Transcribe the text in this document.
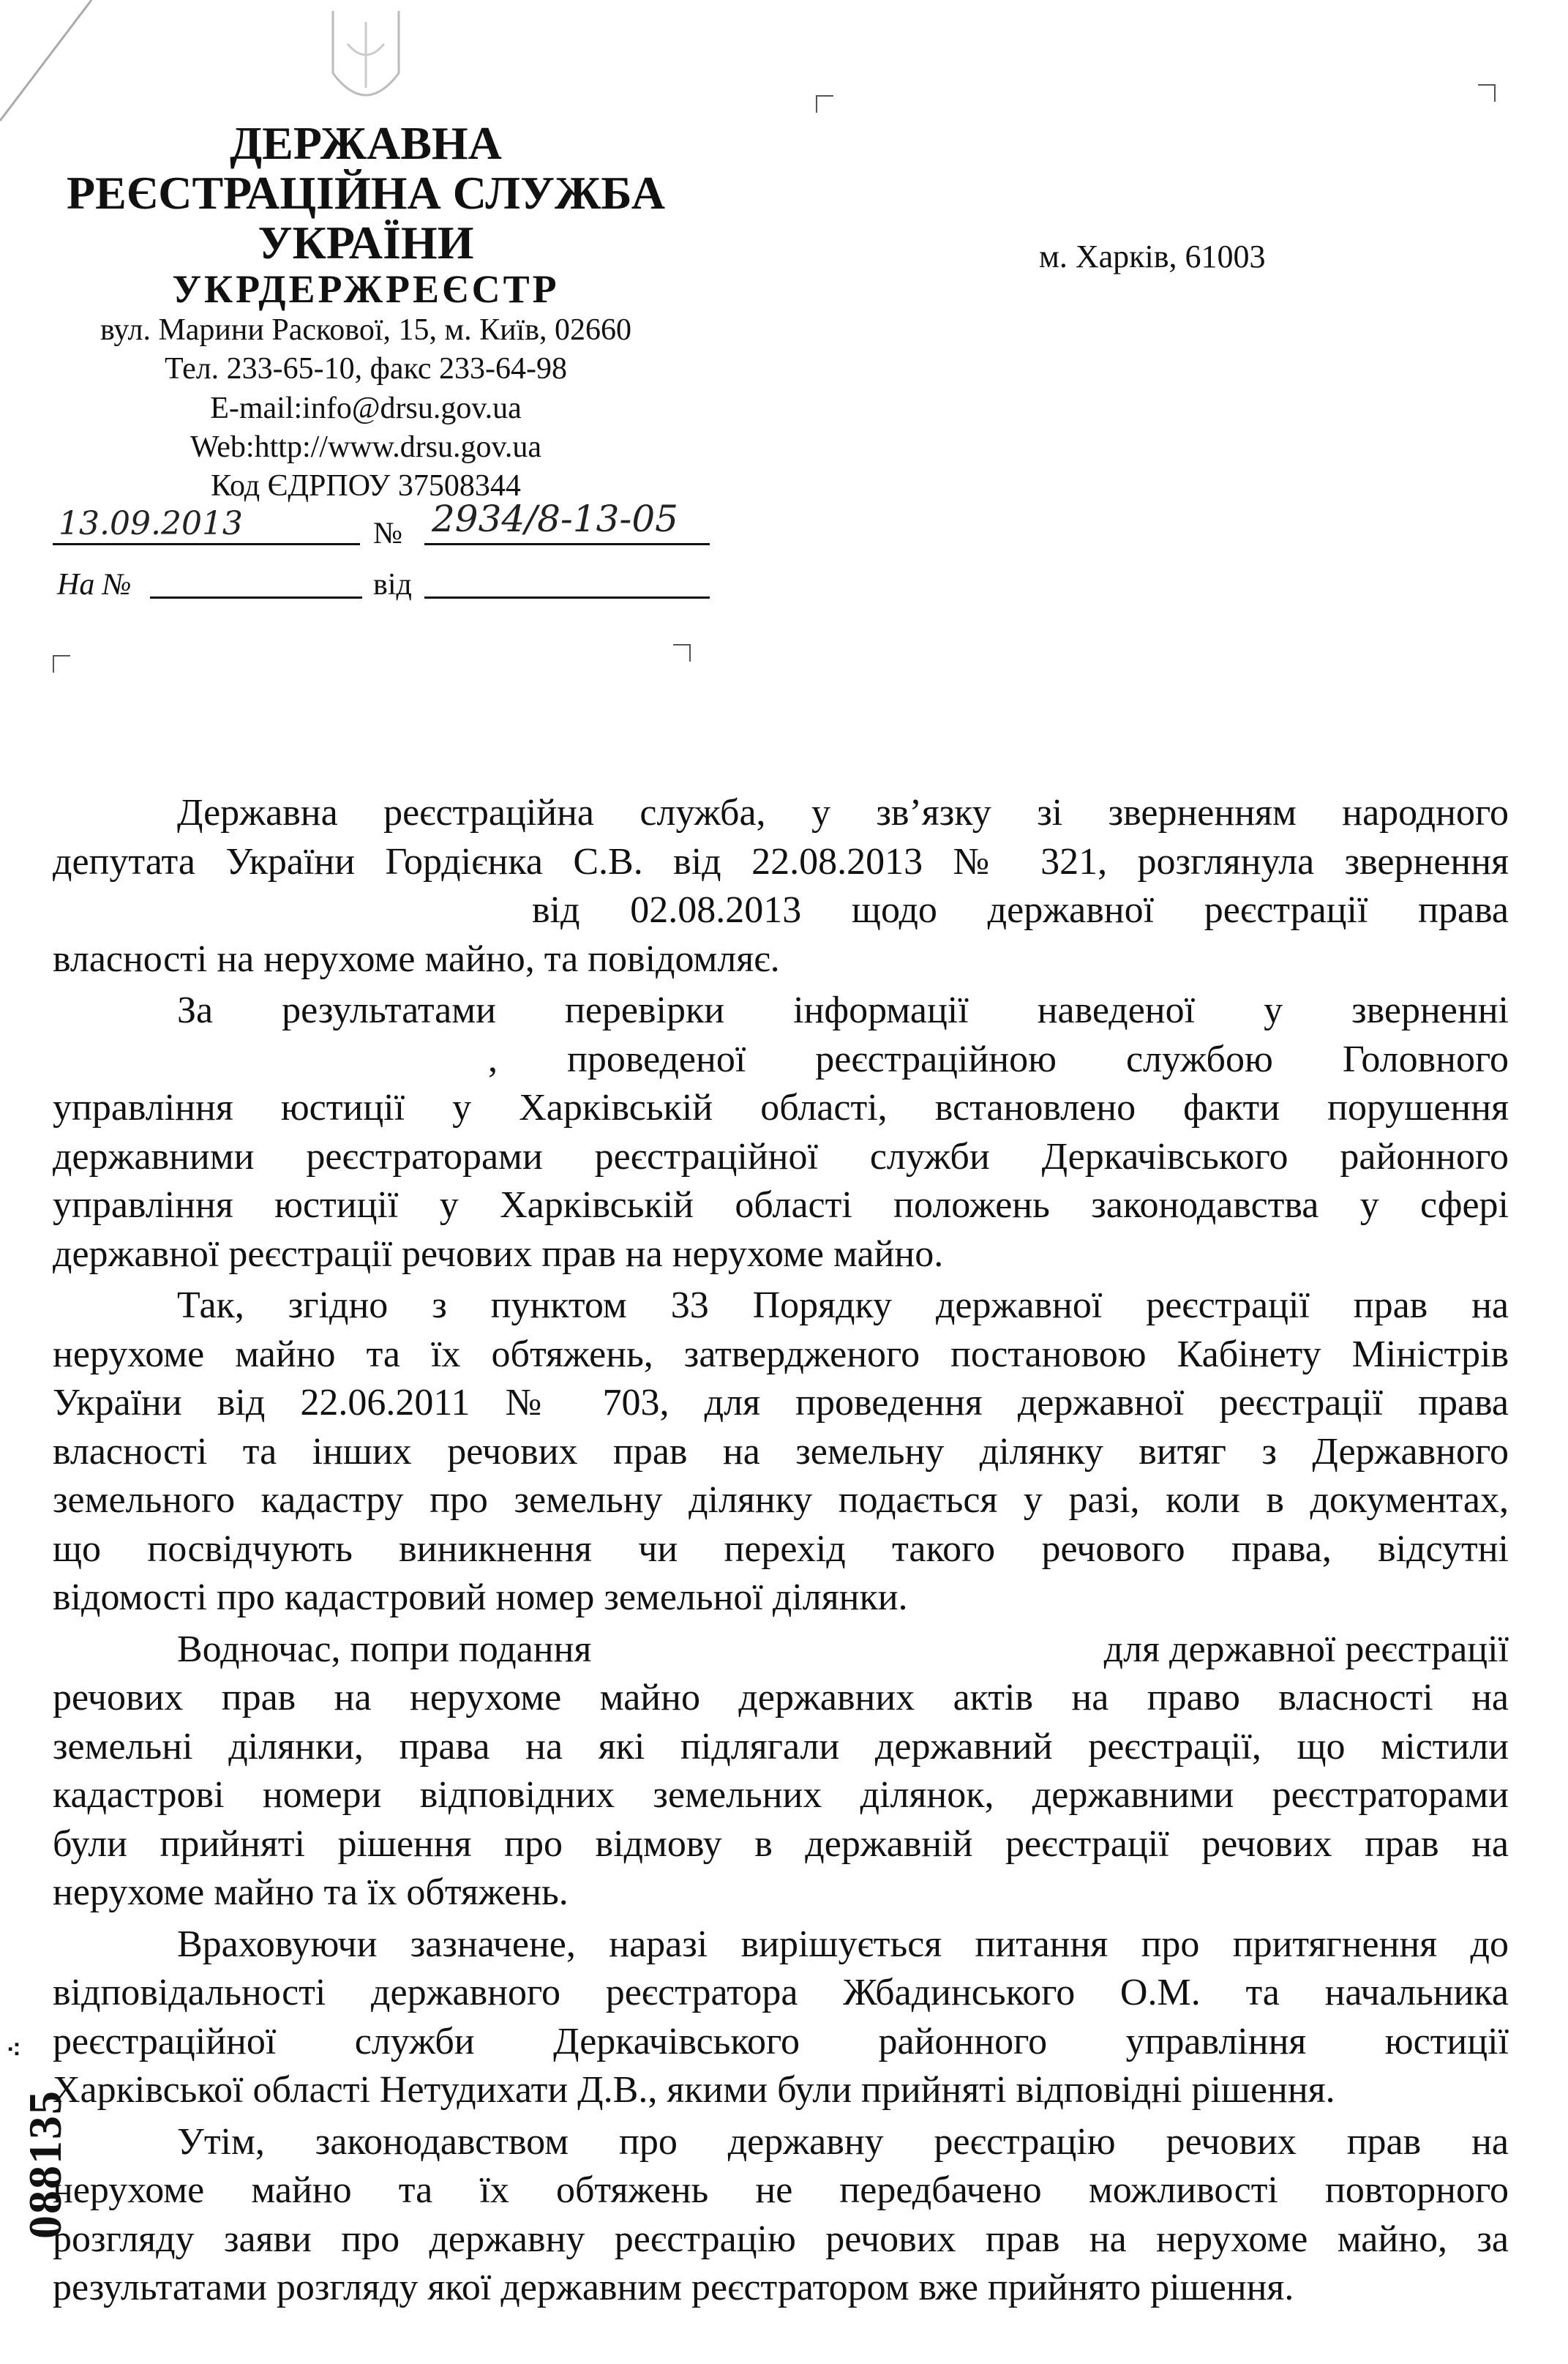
ДЕРЖАВНА
РЕЄСТРАЦІЙНА СЛУЖБА
УКРАЇНИ
УКРДЕРЖРЕЄСТР
вул. Марини Раскової, 15, м. Київ, 02660
Тел. 233-65-10, факс 233-64-98
E-mail:info@drsu.gov.ua
Web:http://www.drsu.gov.ua
Код ЄДРПОУ 37508344
13.09.2013	№ 2934/8-13-05
На №	від
м. Харків, 61003
Державна реєстраційна служба, у зв’язку зі зверненням народного
депутата України Гордієнка С.В. від 22.08.2013 № 321, розглянула звернення
від 02.08.2013 щодо державної реєстрації права
власності на нерухоме майно, та повідомляє.
За результатами перевірки інформації наведеної у зверненні
, проведеної реєстраційною службою Головного
управління юстиції у Харківській області, встановлено факти порушення
державними реєстраторами реєстраційної служби Деркачівського районного
управління юстиції у Харківській області положень законодавства у сфері
державної реєстрації речових прав на нерухоме майно.
Так, згідно з пунктом 33 Порядку державної реєстрації прав на
нерухоме майно та їх обтяжень, затвердженого постановою Кабінету Міністрів
України від 22.06.2011 № 703, для проведення державної реєстрації права
власності та інших речових прав на земельну ділянку витяг з Державного
земельного кадастру про земельну ділянку подається у разі, коли в документах,
що посвідчують виникнення чи перехід такого речового права, відсутні
відомості про кадастровий номер земельної ділянки.
Водночас, попри подання	для державної реєстрації
речових прав на нерухоме майно державних актів на право власності на
земельні ділянки, права на які підлягали державний реєстрації, що містили
кадастрові номери відповідних земельних ділянок, державними реєстраторами
були прийняті рішення про відмову в державній реєстрації речових прав на
нерухоме майно та їх обтяжень.
Враховуючи зазначене, наразі вирішується питання про притягнення до
відповідальності державного реєстратора Жбадинського О.М. та начальника
реєстраційної служби Деркачівського районного управління юстиції
Харківської області Нетудихати Д.В., якими були прийняті відповідні рішення.
Утім, законодавством про державну реєстрацію речових прав на
нерухоме майно та їх обтяжень не передбачено можливості повторного
розгляду заяви про державну реєстрацію речових прав на нерухоме майно, за
результатами розгляду якої державним реєстратором вже прийнято рішення.
088135
⁖
